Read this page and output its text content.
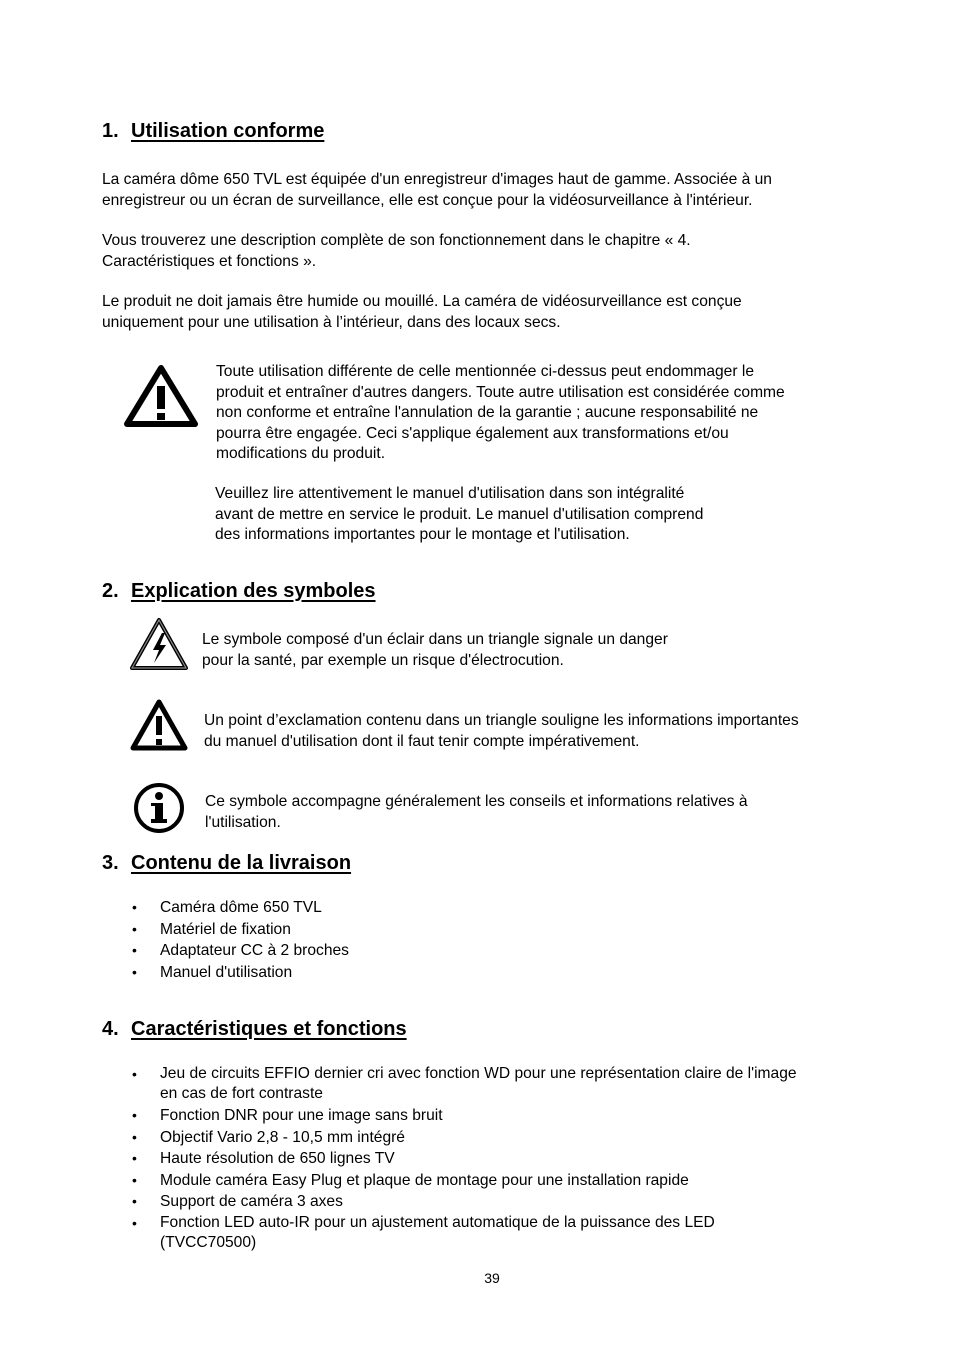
1. Utilisation conforme

La caméra dôme 650 TVL est équipée d'un enregistreur d'images haut de gamme. Associée à un
enregistreur ou un écran de surveillance, elle est conçue pour la vidéosurveillance à l'intérieur.

Vous trouverez une description complète de son fonctionnement dans le chapitre « 4.
Caractéristiques et fonctions ».

Le produit ne doit jamais être humide ou mouillé. La caméra de vidéosurveillance est conçue
uniquement pour une utilisation à l’intérieur, dans des locaux secs.

Toute utilisation différente de celle mentionnée ci-dessus peut endommager le
produit et entraîner d'autres dangers. Toute autre utilisation est considérée comme
non conforme et entraîne l'annulation de la garantie ; aucune responsabilité ne
pourra être engagée. Ceci s'applique également aux transformations et/ou
modifications du produit.

Veuillez lire attentivement le manuel d'utilisation dans son intégralité
avant de mettre en service le produit. Le manuel d'utilisation comprend
des informations importantes pour le montage et l'utilisation.

2. Explication des symboles

Le symbole composé d'un éclair dans un triangle signale un danger
pour la santé, par exemple un risque d'électrocution.

Un point d’exclamation contenu dans un triangle souligne les informations importantes
du manuel d'utilisation dont il faut tenir compte impérativement.

Ce symbole accompagne généralement les conseils et informations relatives à
l'utilisation.

3. Contenu de la livraison
• Caméra dôme 650 TVL
• Matériel de fixation
• Adaptateur CC à 2 broches
• Manuel d'utilisation
4. Caractéristiques et fonctions
• Jeu de circuits EFFIO dernier cri avec fonction WD pour une représentation claire de l'image
en cas de fort contraste
• Fonction DNR pour une image sans bruit
• Objectif Vario 2,8 - 10,5 mm intégré
• Haute résolution de 650 lignes TV
• Module caméra Easy Plug et plaque de montage pour une installation rapide
• Support de caméra 3 axes
• Fonction LED auto-IR pour un ajustement automatique de la puissance des LED
(TVCC70500)
39
